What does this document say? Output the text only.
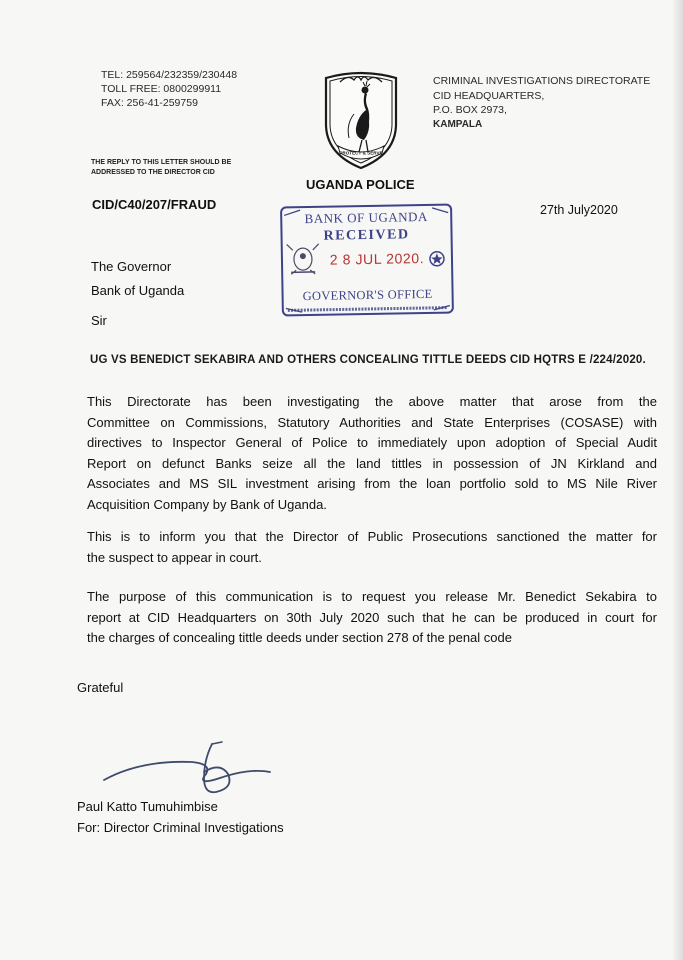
TEL: 259564/232359/230448
TOLL FREE: 0800299911
FAX: 256-41-259759
PROTECT & SERVE
CRIMINAL INVESTIGATIONS DIRECTORATE
CID HEADQUARTERS,
P.O. BOX 2973,
KAMPALA
THE REPLY TO THIS LETTER SHOULD BE
ADDRESSED TO THE DIRECTOR CID
UGANDA POLICE
CID/C40/207/FRAUD	27th July2020
BANK OF UGANDA
RECEIVED
2 8 JUL 2020.
GOVERNOR'S OFFICE
The Governor
Bank of Uganda
Sir
UG VS BENEDICT SEKABIRA AND OTHERS CONCEALING TITTLE DEEDS CID HQTRS E /224/2020.

This Directorate has been investigating the above matter that arose from the
Committee on Commissions, Statutory Authorities and State Enterprises (COSASE) with
directives to Inspector General of Police to immediately upon adoption of Special Audit
Report on defunct Banks seize all the land tittles in possession of JN Kirkland and
Associates and MS SIL investment arising from the loan portfolio sold to MS Nile River
Acquisition Company by Bank of Uganda.

This is to inform you that the Director of Public Prosecutions sanctioned the matter for
the suspect to appear in court.

The purpose of this communication is to request you release Mr. Benedict Sekabira to
report at CID Headquarters on 30th July 2020 such that he can be produced in court for
the charges of concealing tittle deeds under section 278 of the penal code

Grateful
Paul Katto Tumuhimbise
For: Director Criminal Investigations
